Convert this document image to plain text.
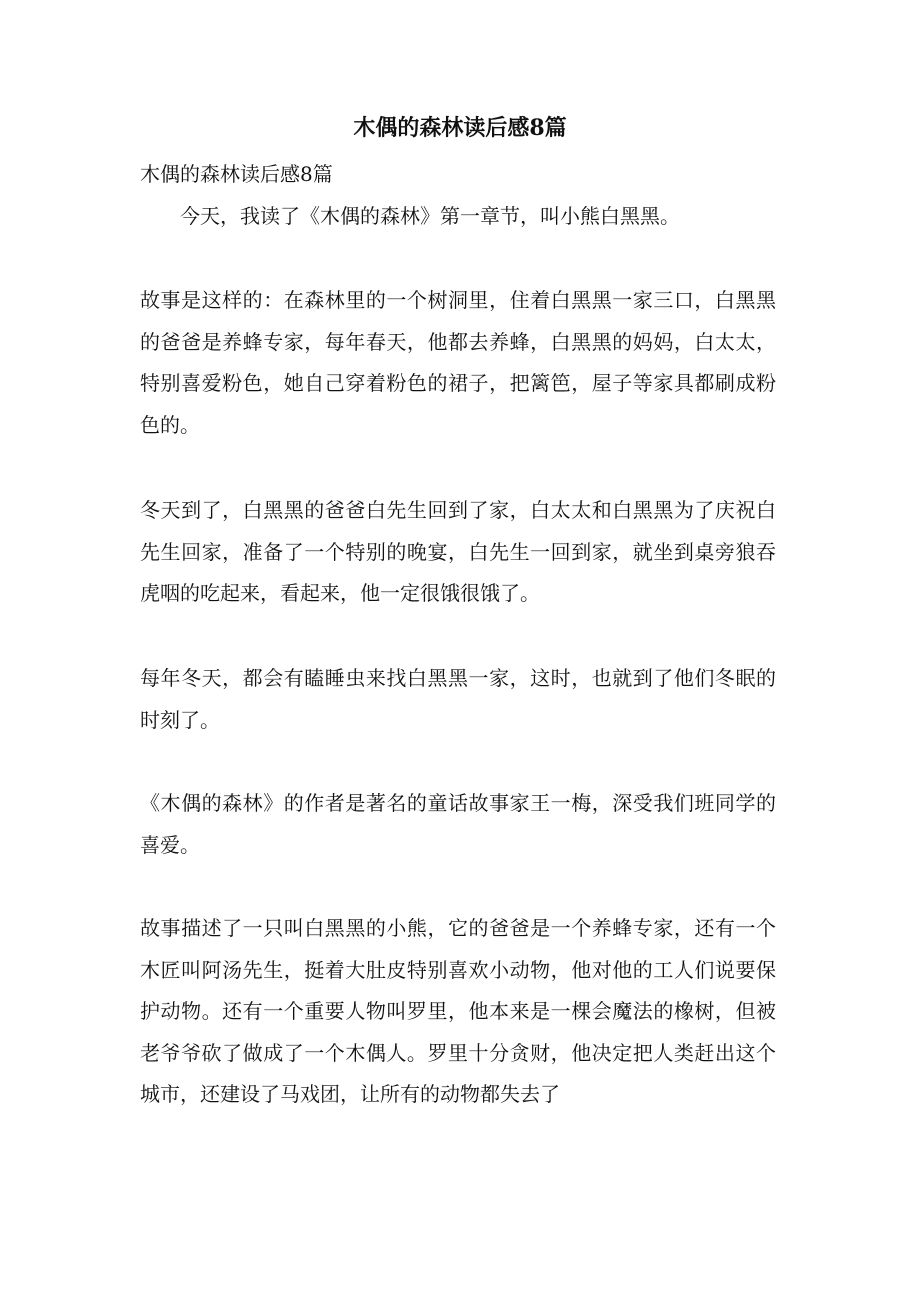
木偶的森林读后感8篇

木偶的森林读后感8篇

今天，我读了《木偶的森林》第一章节，叫小熊白黑黑。

故事是这样的：在森林里的一个树洞里，住着白黑黑一家三口，白黑黑的爸爸是养蜂专家，每年春天，他都去养蜂，白黑黑的妈妈，白太太，特别喜爱粉色，她自己穿着粉色的裙子，把篱笆，屋子等家具都刷成粉色的。

冬天到了，白黑黑的爸爸白先生回到了家，白太太和白黑黑为了庆祝白先生回家，准备了一个特别的晚宴，白先生一回到家，就坐到桌旁狼吞虎咽的吃起来，看起来，他一定很饿很饿了。

每年冬天，都会有瞌睡虫来找白黑黑一家，这时，也就到了他们冬眠的时刻了。

《木偶的森林》的作者是著名的童话故事家王一梅，深受我们班同学的喜爱。

故事描述了一只叫白黑黑的小熊，它的爸爸是一个养蜂专家，还有一个木匠叫阿汤先生，挺着大肚皮特别喜欢小动物，他对他的工人们说要保护动物。还有一个重要人物叫罗里，他本来是一棵会魔法的橡树，但被老爷爷砍了做成了一个木偶人。罗里十分贪财，他决定把人类赶出这个城市，还建设了马戏团，让所有的动物都失去了
